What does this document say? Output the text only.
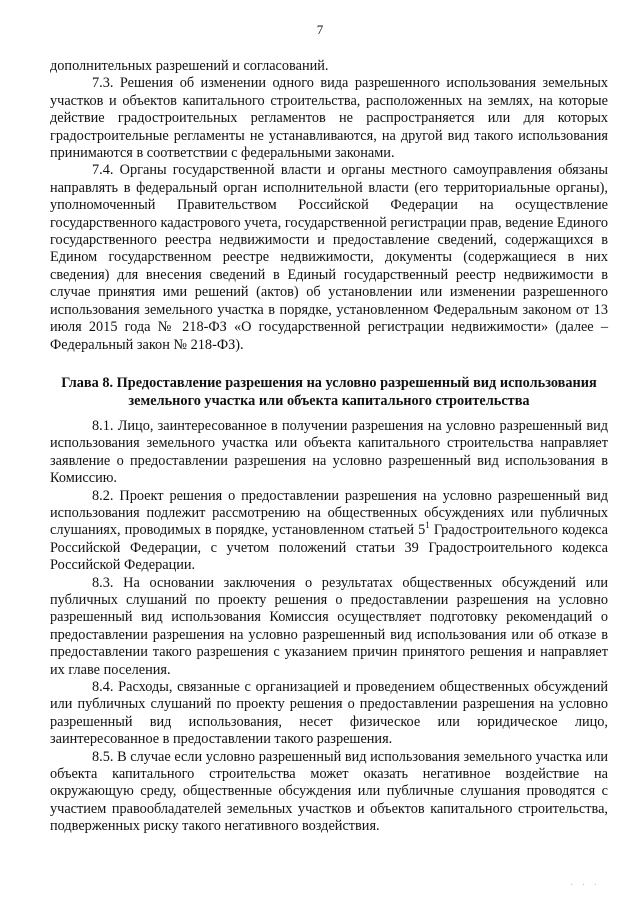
7

дополнительных разрешений и согласований.

7.3. Решения об изменении одного вида разрешенного использования земельных участков и объектов капитального строительства, расположенных на землях, на которые действие градостроительных регламентов не распространяется или для которых градостроительные регламенты не устанавливаются, на другой вид такого использования принимаются в соответствии с федеральными законами.

7.4. Органы государственной власти и органы местного самоуправления обязаны направлять в федеральный орган исполнительной власти (его территориальные органы), уполномоченный Правительством Российской Федерации на осуществление государственного кадастрового учета, государственной регистрации прав, ведение Единого государственного реестра недвижимости и предоставление сведений, содержащихся в Едином государственном реестре недвижимости, документы (содержащиеся в них сведения) для внесения сведений в Единый государственный реестр недвижимости в случае принятия ими решений (актов) об установлении или изменении разрешенного использования земельного участка в порядке, установленном Федеральным законом от 13 июля 2015 года № 218-ФЗ «О государственной регистрации недвижимости» (далее – Федеральный закон № 218-ФЗ).

Глава 8. Предоставление разрешения на условно разрешенный вид использования земельного участка или объекта капитального строительства

8.1. Лицо, заинтересованное в получении разрешения на условно разрешенный вид использования земельного участка или объекта капитального строительства направляет заявление о предоставлении разрешения на условно разрешенный вид использования в Комиссию.

8.2. Проект решения о предоставлении разрешения на условно разрешенный вид использования подлежит рассмотрению на общественных обсуждениях или публичных слушаниях, проводимых в порядке, установленном статьей $5^1$ Градостроительного кодекса Российской Федерации, с учетом положений статьи 39 Градостроительного кодекса Российской Федерации.

8.3. На основании заключения о результатах общественных обсуждений или публичных слушаний по проекту решения о предоставлении разрешения на условно разрешенный вид использования Комиссия осуществляет подготовку рекомендаций о предоставлении разрешения на условно разрешенный вид использования или об отказе в предоставлении такого разрешения с указанием причин принятого решения и направляет их главе поселения.

8.4. Расходы, связанные с организацией и проведением общественных обсуждений или публичных слушаний по проекту решения о предоставлении разрешения на условно разрешенный вид использования, несет физическое или юридическое лицо, заинтересованное в предоставлении такого разрешения.

8.5. В случае если условно разрешенный вид использования земельного участка или объекта капитального строительства может оказать негативное воздействие на окружающую среду, общественные обсуждения или публичные слушания проводятся с участием правообладателей земельных участков и объектов капитального строительства, подверженных риску такого негативного воздействия.

· · ·
